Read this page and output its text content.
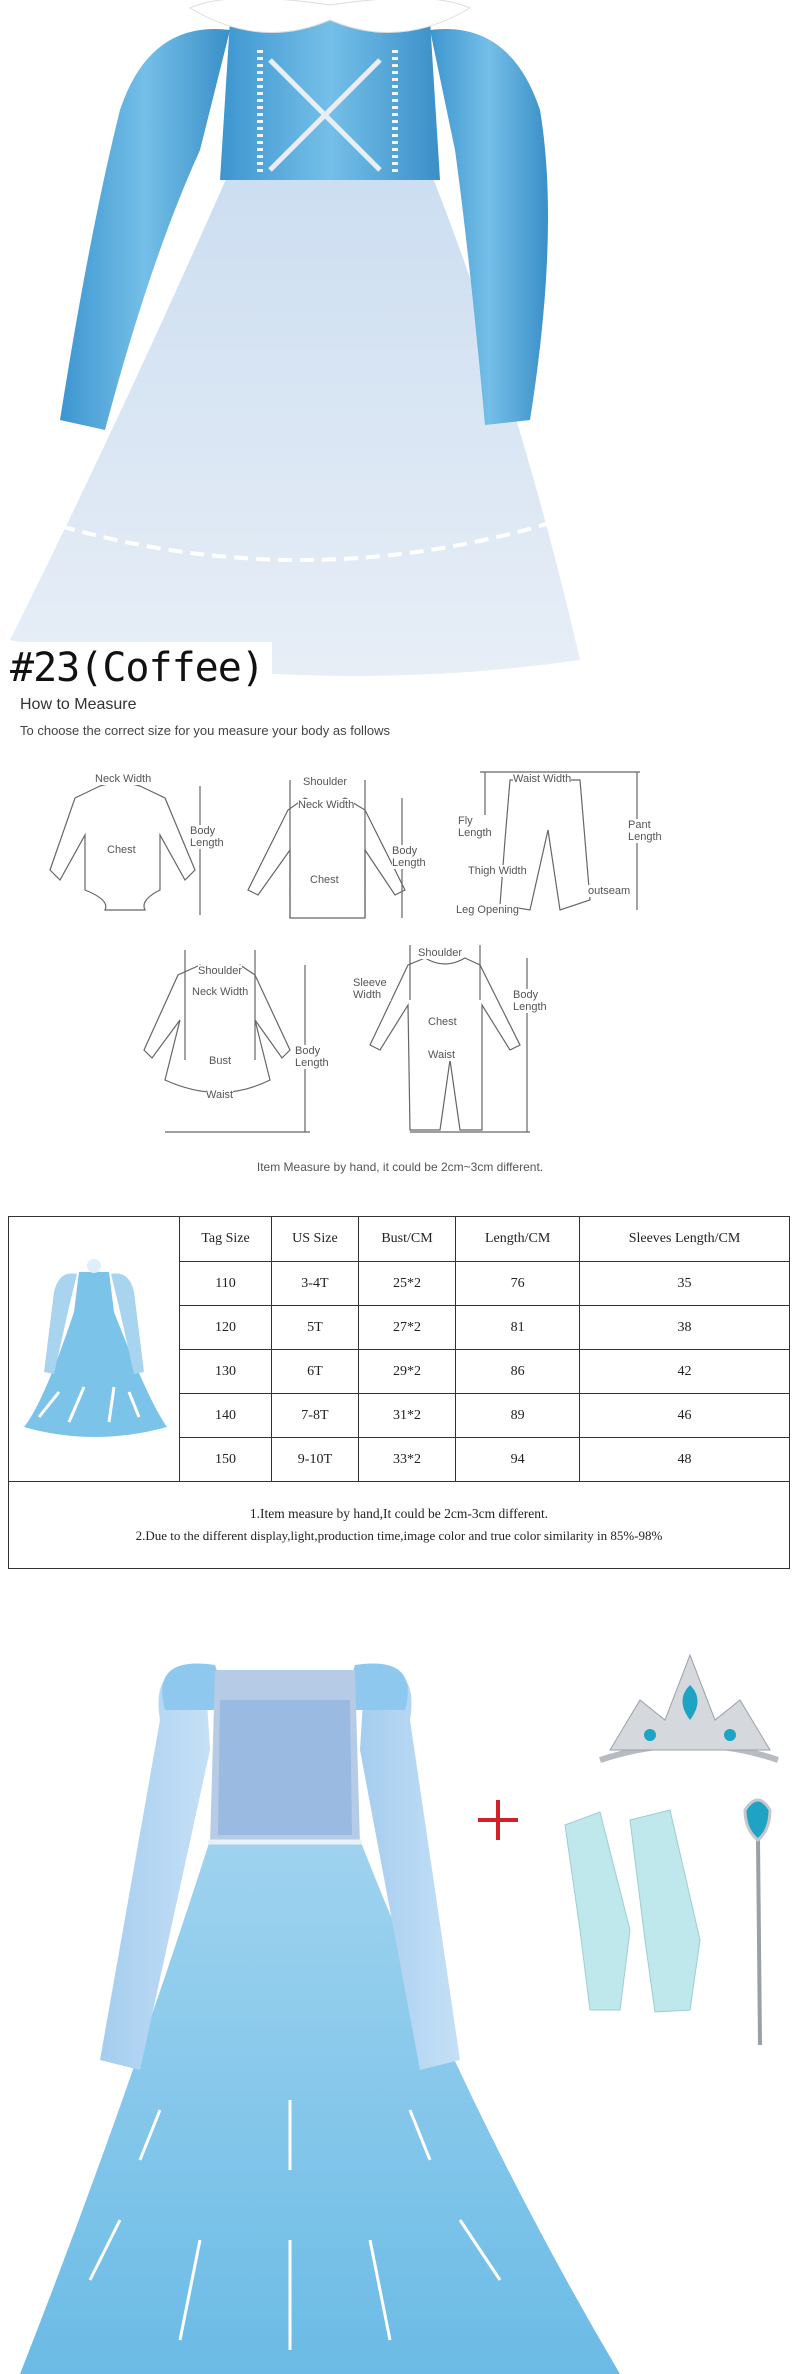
#23(Coffee)
How to Measure
To choose the correct size for you measure your body as follows
Neck Width
Chest
Body Length
Shoulder
Neck Width
Chest
Body Length
Waist Width
Fly Length
Pant Length
Thigh Width
outseam
Leg Opening
Shoulder
Neck Width
Bust
Waist
Body Length
Shoulder
Sleeve Width
Chest
Waist
Body Length
Item Measure by hand, it could be 2cm~3cm different.
	Tag Size	US Size	Bust/CM	Length/CM	Sleeves Length/CM
	110	3-4T	25*2	76	35
	120	5T	27*2	81	38
	130	6T	29*2	86	42
	140	7-8T	31*2	89	46
	150	9-10T	33*2	94	48

1.Item measure by hand,It could be 2cm-3cm different.
2.Due to the different display,light,production time,image color and true color similarity in 85%-98%					
